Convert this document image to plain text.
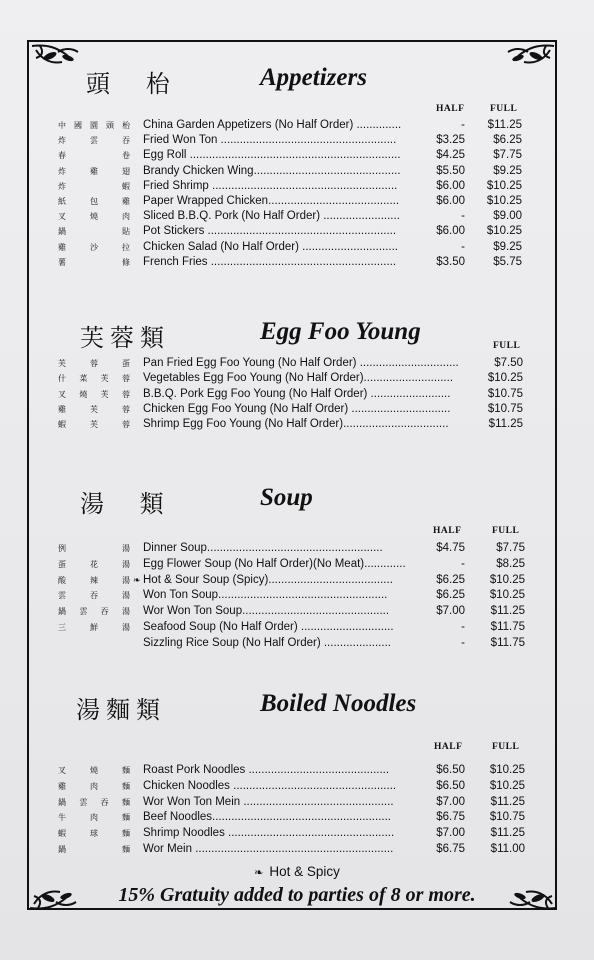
頭 枱	Appetizers
HALF	FULL
中 國 園 頭 枱 China Garden Appetizers (No Half Order) ..............	-	$11.25
炸	雲	吞 Fried Won Ton .......................................................	$3.25	$6.25
春	卷 Egg Roll ..................................................................	$4.25	$7.75
炸	雞	翅 Brandy Chicken Wing..............................................	$5.50	$9.25
炸	蝦 Fried Shrimp ..........................................................	$6.00	$10.25
紙	包	雞 Paper Wrapped Chicken.........................................	$6.00	$10.25
叉	燒	肉 Sliced B.B.Q. Pork (No Half Order) ........................	-	$9.00
鍋	貼 Pot Stickers ...........................................................	$6.00	$10.25
雞	沙	拉 Chicken Salad (No Half Order) ..............................	-	$9.25
薯	條 French Fries ..........................................................	$3.50	$5.75
芙蓉類	Egg Foo Young
FULL
芙	蓉	蛋 Pan Fried Egg Foo Young (No Half Order) ...............................	$7.50
什 菜 芙 蓉 Vegetables Egg Foo Young (No Half Order)............................	$10.25
叉 燒 芙 蓉 B.B.Q. Pork Egg Foo Young (No Half Order) .........................	$10.75
雞	芙	蓉 Chicken Egg Foo Young (No Half Order) ...............................	$10.75
蝦	芙	蓉 Shrimp Egg Foo Young (No Half Order).................................	$11.25
湯 類	Soup
HALF	FULL
例	湯 Dinner Soup.......................................................	$4.75	$7.75
蛋	花	湯 Egg Flower Soup (No Half Order)(No Meat).............	-	$8.25
酸	辣	湯 ❧ Hot & Sour Soup (Spicy).......................................	$6.25	$10.25
雲	吞	湯 Won Ton Soup.....................................................	$6.25	$10.25
鍋 雲 吞 湯 Wor Won Ton Soup..............................................	$7.00	$11.25
三	鮮	湯 Seafood Soup (No Half Order) .............................	-	$11.75
Sizzling Rice Soup (No Half Order) .....................	-	$11.75
湯麵類	Boiled Noodles
HALF	FULL
叉	燒	麵 Roast Pork Noodles ............................................	$6.50	$10.25
雞	肉	麵 Chicken Noodles ...................................................	$6.50	$10.25
鍋 雲 吞 麵 Wor Won Ton Mein ...............................................	$7.00	$11.25
牛	肉	麵 Beef Noodles........................................................	$6.75	$10.75
蝦	球	麵 Shrimp Noodles ....................................................	$7.00	$11.25
鍋	麵 Wor Mein ..............................................................	$6.75	$11.00
❧ Hot & Spicy
15% Gratuity added to parties of 8 or more.
